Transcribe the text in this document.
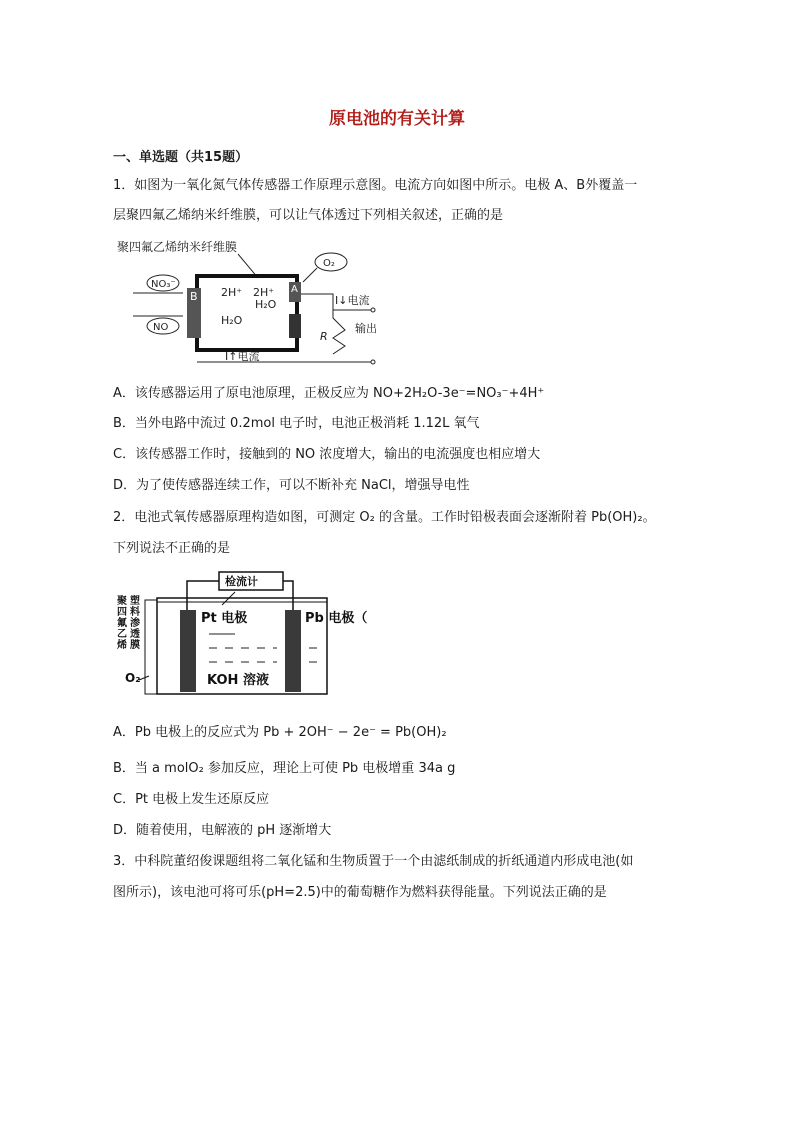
原电池的有关计算
一、单选题（共15题）
1．如图为一氧化氮气体传感器工作原理示意图。电流方向如图中所示。电极 A、B外覆盖一
层聚四氟乙烯纳米纤维膜，可以让气体透过下列相关叙述，正确的是
聚四氟乙烯纳米纤维膜
B
A
NO₃⁻
NO
O₂
2H⁺ 2H⁺
H₂O
H₂O
I↓电流
I↑电流
R
输出
A．该传感器运用了原电池原理，正极反应为 NO+2H₂O-3e⁻=NO₃⁻+4H⁺
B．当外电路中流过 0.2mol 电子时，电池正极消耗 1.12L 氧气
C．该传感器工作时，接触到的 NO 浓度增大，输出的电流强度也相应增大
D．为了使传感器连续工作，可以不断补充 NaCl，增强导电性
2．电池式氧传感器原理构造如图，可测定 O₂ 的含量。工作时铅极表面会逐渐附着 Pb(OH)₂。
下列说法不正确的是
检流计
聚
四
氟
乙
烯
塑
料
渗
透
膜
Pt 电极	Pb 电极（
KOH 溶液
O₂
A．Pb 电极上的反应式为 Pb + 2OH⁻ − 2e⁻ = Pb(OH)₂
B．当 a molO₂ 参加反应，理论上可使 Pb 电极增重 34a g
C．Pt 电极上发生还原反应
D．随着使用，电解液的 pH 逐渐增大
3．中科院董绍俊课题组将二氧化锰和生物质置于一个由滤纸制成的折纸通道内形成电池(如
图所示)，该电池可将可乐(pH=2.5)中的葡萄糖作为燃料获得能量。下列说法正确的是
